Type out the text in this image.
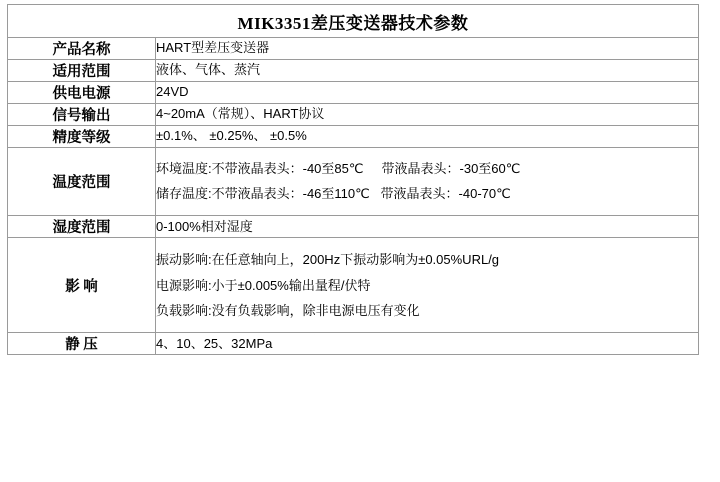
MIK3351差压变送器技术参数	
产品名称	HART型差压变送器

适用范围	液体、气体、蒸汽

供电电源	24VD

信号输出	4~20mA（常规）、HART协议

精度等级	±0.1%、 ±0.25%、 ±0.5%

温度范围	环境温度:不带液晶表头：-40至85℃     带液晶表头：-30至60℃
储存温度:不带液晶表头：-46至110℃   带液晶表头：-40-70℃

湿度范围	0-100%相对湿度

影 响	振动影响:在任意轴向上，200Hz下振动影响为±0.05%URL/g
电源影响:小于±0.005%输出量程/伏特
负载影响:没有负载影响，除非电源电压有变化

静 压	4、10、25、32MPa
